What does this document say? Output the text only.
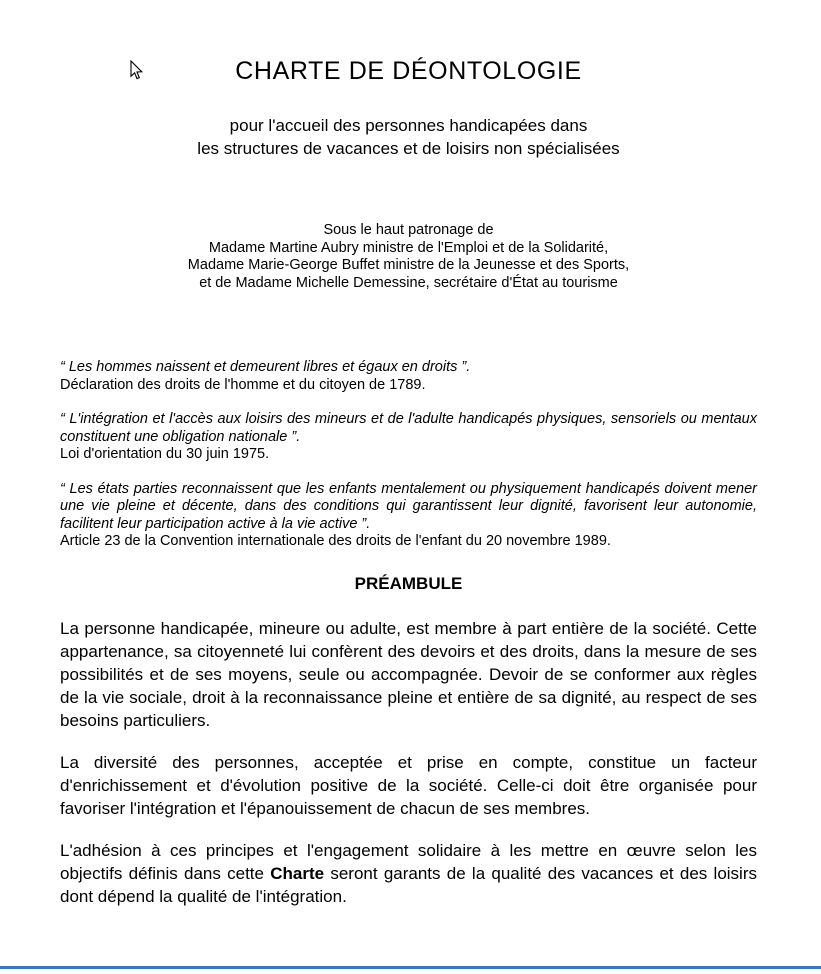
CHARTE DE DÉONTOLOGIE
pour l'accueil des personnes handicapées dans
les structures de vacances et de loisirs non spécialisées
Sous le haut patronage de
Madame Martine Aubry ministre de l'Emploi et de la Solidarité,
Madame Marie-George Buffet ministre de la Jeunesse et des Sports,
et de Madame Michelle Demessine, secrétaire d'État au tourisme

“ Les hommes naissent et demeurent libres et égaux en droits ”.

Déclaration des droits de l'homme et du citoyen de 1789.

“ L'intégration et l'accès aux loisirs des mineurs et de l'adulte handicapés physiques, sensoriels ou mentaux constituent une obligation nationale ”.

Loi d'orientation du 30 juin 1975.

“ Les états parties reconnaissent que les enfants mentalement ou physiquement handicapés doivent mener une vie pleine et décente, dans des conditions qui garantissent leur dignité, favorisent leur autonomie, facilitent leur participation active à la vie active ”.

Article 23 de la Convention internationale des droits de l'enfant du 20 novembre 1989.

PRÉAMBULE

La personne handicapée, mineure ou adulte, est membre à part entière de la société. Cette appartenance, sa citoyenneté lui confèrent des devoirs et des droits, dans la mesure de ses possibilités et de ses moyens, seule ou accompagnée. Devoir de se conformer aux règles de la vie sociale, droit à la reconnaissance pleine et entière de sa dignité, au respect de ses besoins particuliers.

La diversité des personnes, acceptée et prise en compte, constitue un facteur d'enrichissement et d'évolution positive de la société. Celle-ci doit être organisée pour favoriser l'intégration et l'épanouissement de chacun de ses membres.

L'adhésion à ces principes et l'engagement solidaire à les mettre en œuvre selon les objectifs définis dans cette Charte seront garants de la qualité des vacances et des loisirs dont dépend la qualité de l'intégration.
